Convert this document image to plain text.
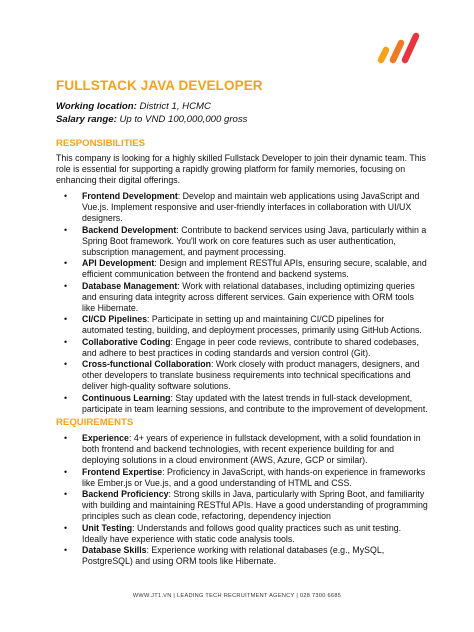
FULLSTACK JAVA DEVELOPER
Working location: District 1, HCMC
Salary range: Up to VND 100,000,000 gross
RESPONSIBILITIES
This company is looking for a highly skilled Fullstack Developer to join their dynamic team. This role is essential for supporting a rapidly growing platform for family memories, focusing on enhancing their digital offerings.
• Frontend Development: Develop and maintain web applications using JavaScript and Vue.js. Implement responsive and user-friendly interfaces in collaboration with UI/UX designers.
• Backend Development: Contribute to backend services using Java, particularly within a Spring Boot framework. You'll work on core features such as user authentication, subscription management, and payment processing.
• API Development: Design and implement RESTful APIs, ensuring secure, scalable, and efficient communication between the frontend and backend systems.
• Database Management: Work with relational databases, including optimizing queries and ensuring data integrity across different services. Gain experience with ORM tools like Hibernate.
• CI/CD Pipelines: Participate in setting up and maintaining CI/CD pipelines for automated testing, building, and deployment processes, primarily using GitHub Actions.
• Collaborative Coding: Engage in peer code reviews, contribute to shared codebases, and adhere to best practices in coding standards and version control (Git).
• Cross-functional Collaboration: Work closely with product managers, designers, and other developers to translate business requirements into technical specifications and deliver high-quality software solutions.
• Continuous Learning: Stay updated with the latest trends in full-stack development, participate in team learning sessions, and contribute to the improvement of development.
REQUIREMENTS
• Experience: 4+ years of experience in fullstack development, with a solid foundation in both frontend and backend technologies, with recent experience building for and deploying solutions in a cloud environment (AWS, Azure, GCP or similar).
• Frontend Expertise: Proficiency in JavaScript, with hands-on experience in frameworks like Ember.js or Vue.js, and a good understanding of HTML and CSS.
• Backend Proficiency: Strong skills in Java, particularly with Spring Boot, and familiarity with building and maintaining RESTful APIs. Have a good understanding of programming principles such as clean code, refactoring, dependency injection
• Unit Testing: Understands and follows good quality practices such as unit testing. Ideally have experience with static code analysis tools.
• Database Skills: Experience working with relational databases (e.g., MySQL, PostgreSQL) and using ORM tools like Hibernate.
WWW.JT1.VN | LEADING TECH RECRUITMENT AGENCY | 028 7300 6685
